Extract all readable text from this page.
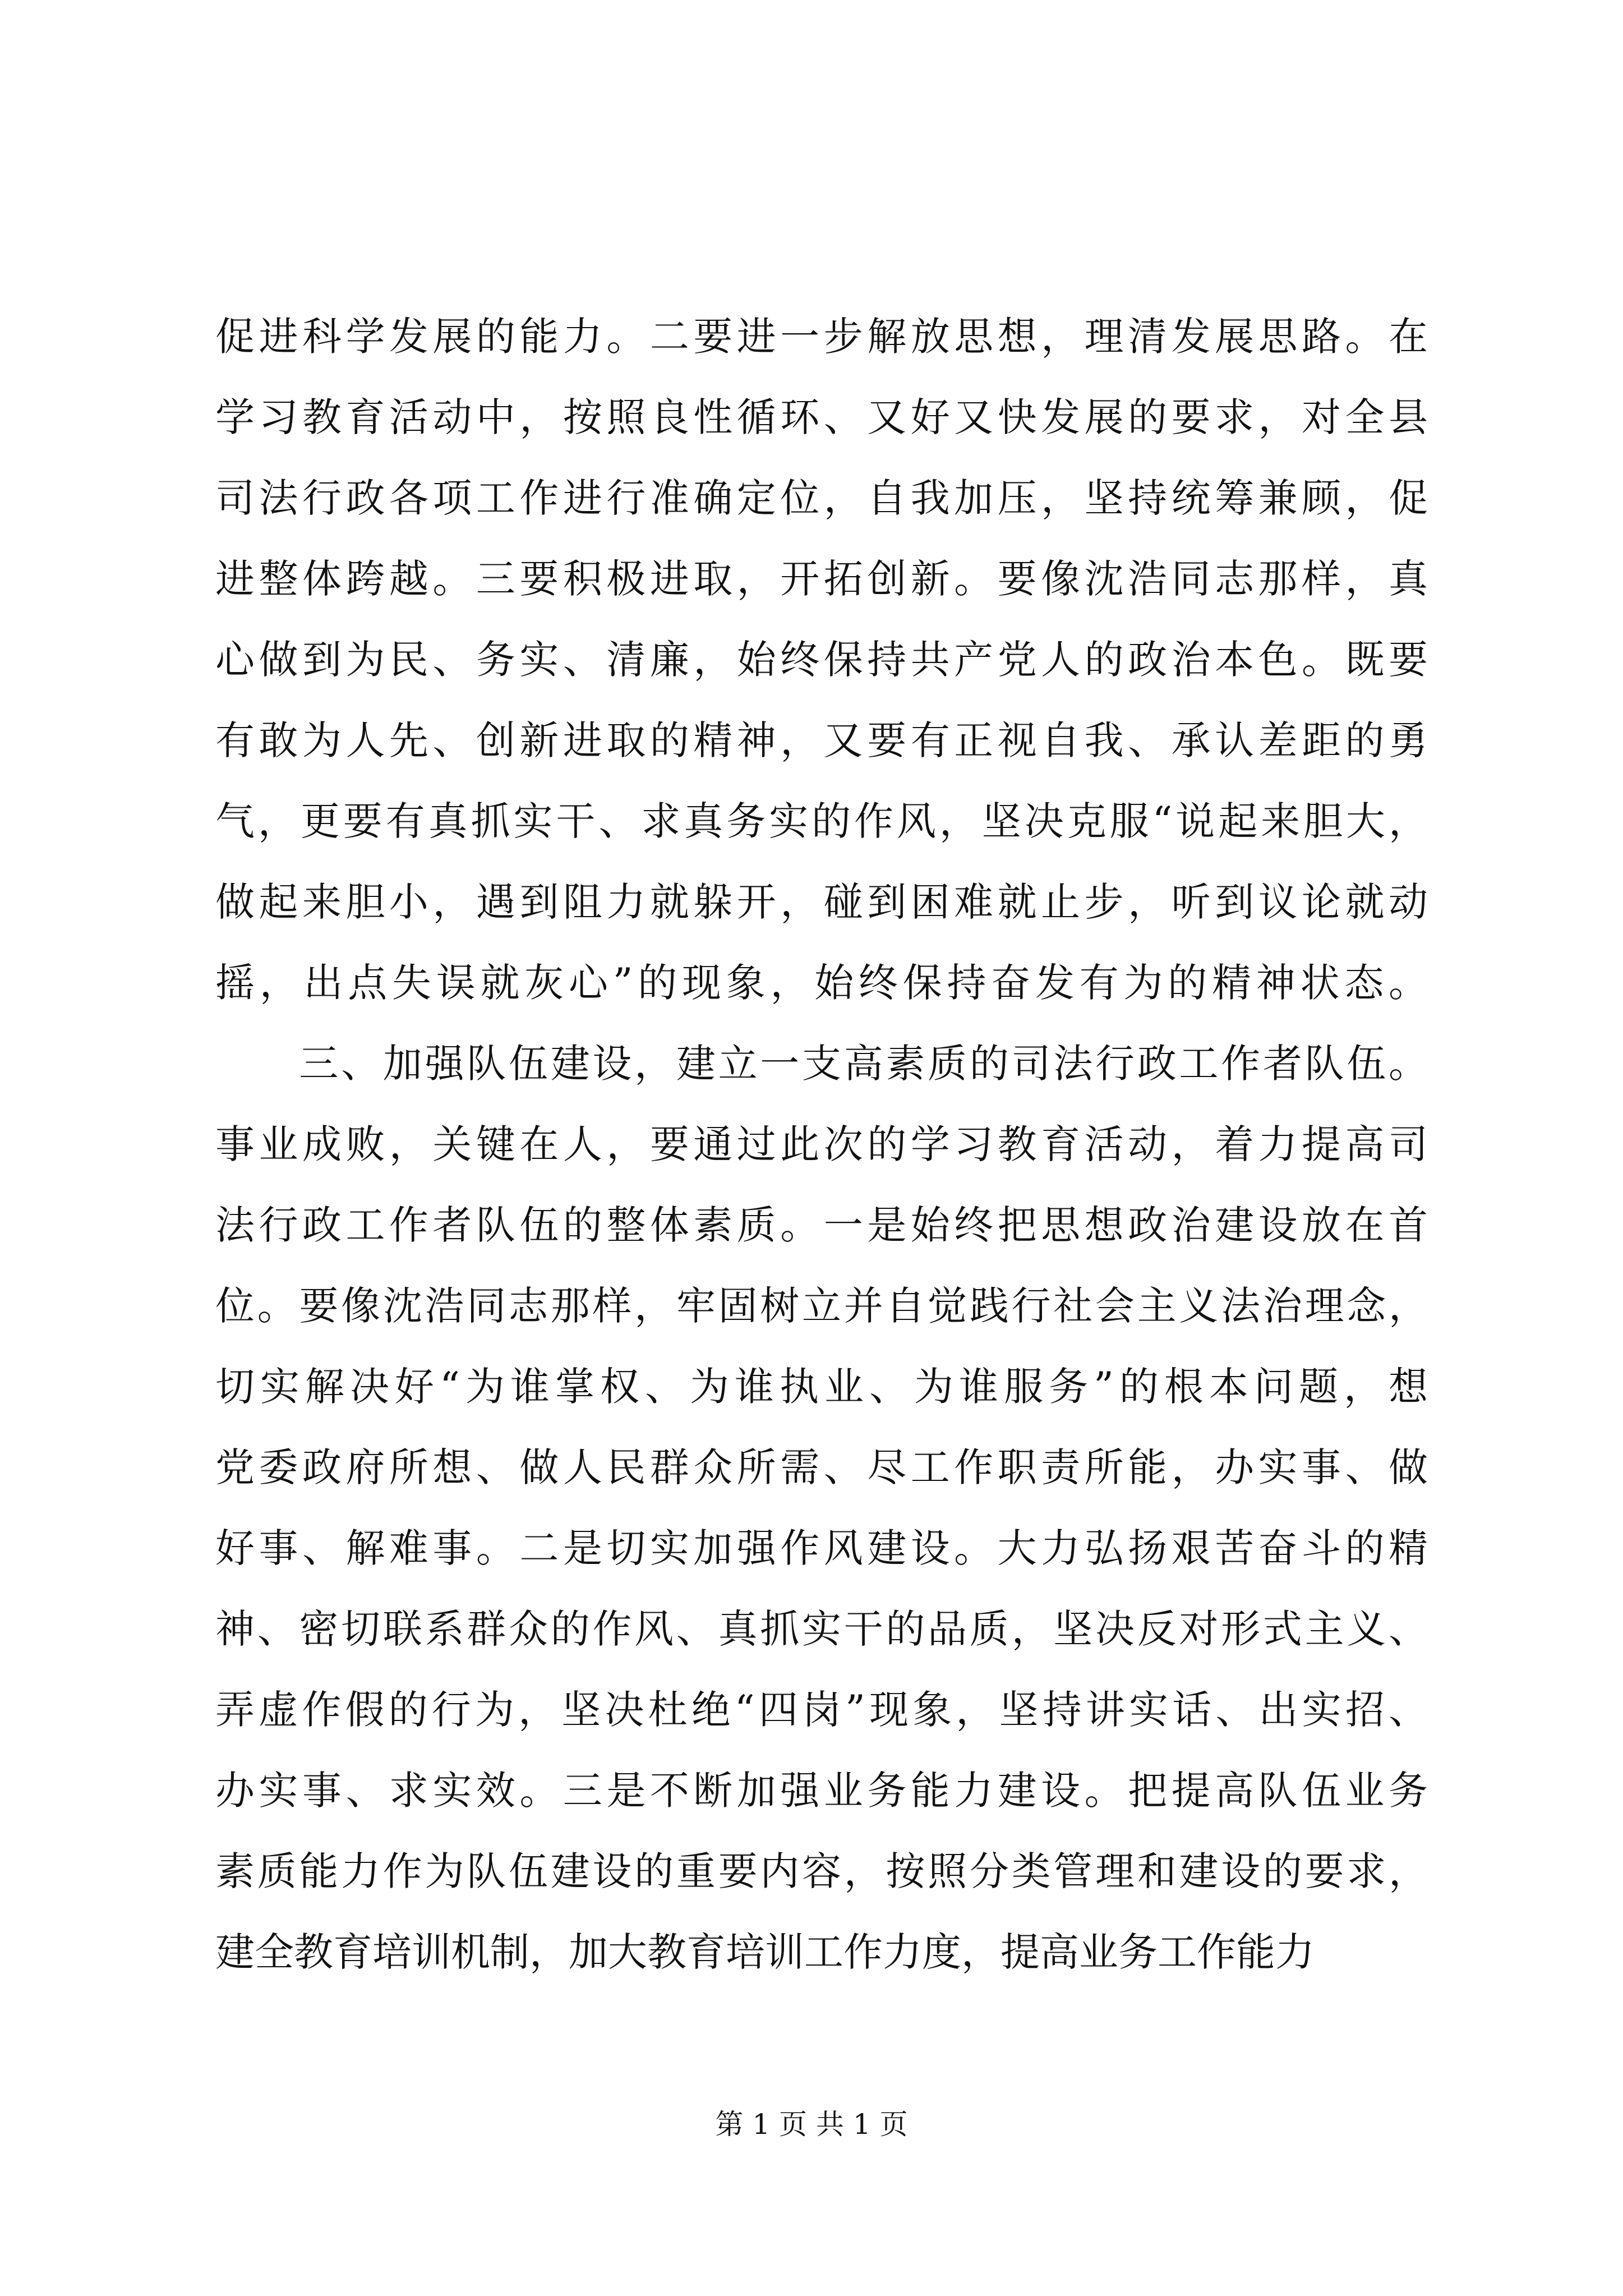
促进科学发展的能力。二要进一步解放思想，理清发展思路。在
学习教育活动中，按照良性循环、又好又快发展的要求，对全县
司法行政各项工作进行准确定位，自我加压，坚持统筹兼顾，促
进整体跨越。三要积极进取，开拓创新。要像沈浩同志那样，真
心做到为民、务实、清廉，始终保持共产党人的政治本色。既要
有敢为人先、创新进取的精神，又要有正视自我、承认差距的勇
气，更要有真抓实干、求真务实的作风，坚决克服“说起来胆大，
做起来胆小，遇到阻力就躲开，碰到困难就止步，听到议论就动
摇，出点失误就灰心”的现象，始终保持奋发有为的精神状态。
　　三、加强队伍建设，建立一支高素质的司法行政工作者队伍。
事业成败，关键在人，要通过此次的学习教育活动，着力提高司
法行政工作者队伍的整体素质。一是始终把思想政治建设放在首
位。要像沈浩同志那样，牢固树立并自觉践行社会主义法治理念，
切实解决好“为谁掌权、为谁执业、为谁服务”的根本问题，想
党委政府所想、做人民群众所需、尽工作职责所能，办实事、做
好事、解难事。二是切实加强作风建设。大力弘扬艰苦奋斗的精
神、密切联系群众的作风、真抓实干的品质，坚决反对形式主义、
弄虚作假的行为，坚决杜绝“四岗”现象，坚持讲实话、出实招、
办实事、求实效。三是不断加强业务能力建设。把提高队伍业务
素质能力作为队伍建设的重要内容，按照分类管理和建设的要求，
建全教育培训机制，加大教育培训工作力度，提高业务工作能力
第 1 页 共 1 页
